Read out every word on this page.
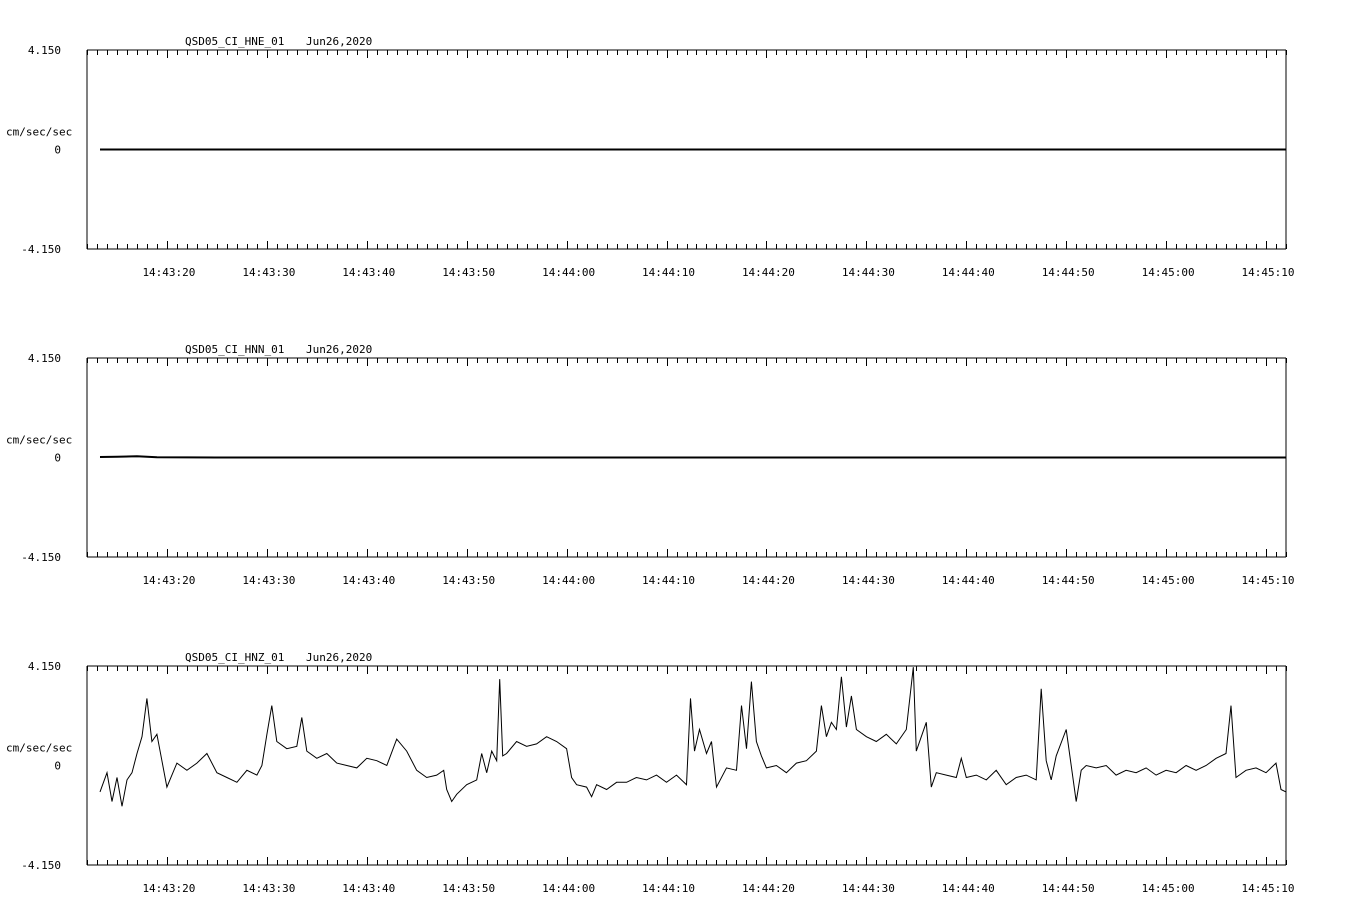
14:43:20	14:43:30	14:43:40	14:43:50	14:44:00	14:44:10	14:44:20	14:44:30	14:44:40	14:44:50	14:45:00	14:45:10
4.150
0
-4.150
cm/sec/sec
QSD05_CI_HNE_01 Jun26,2020
14:43:20	14:43:30	14:43:40	14:43:50	14:44:00	14:44:10	14:44:20	14:44:30	14:44:40	14:44:50	14:45:00	14:45:10
4.150
0
-4.150
cm/sec/sec
QSD05_CI_HNN_01 Jun26,2020
14:43:20	14:43:30	14:43:40	14:43:50	14:44:00	14:44:10	14:44:20	14:44:30	14:44:40	14:44:50	14:45:00	14:45:10
4.150
0
-4.150
cm/sec/sec
QSD05_CI_HNZ_01 Jun26,2020
